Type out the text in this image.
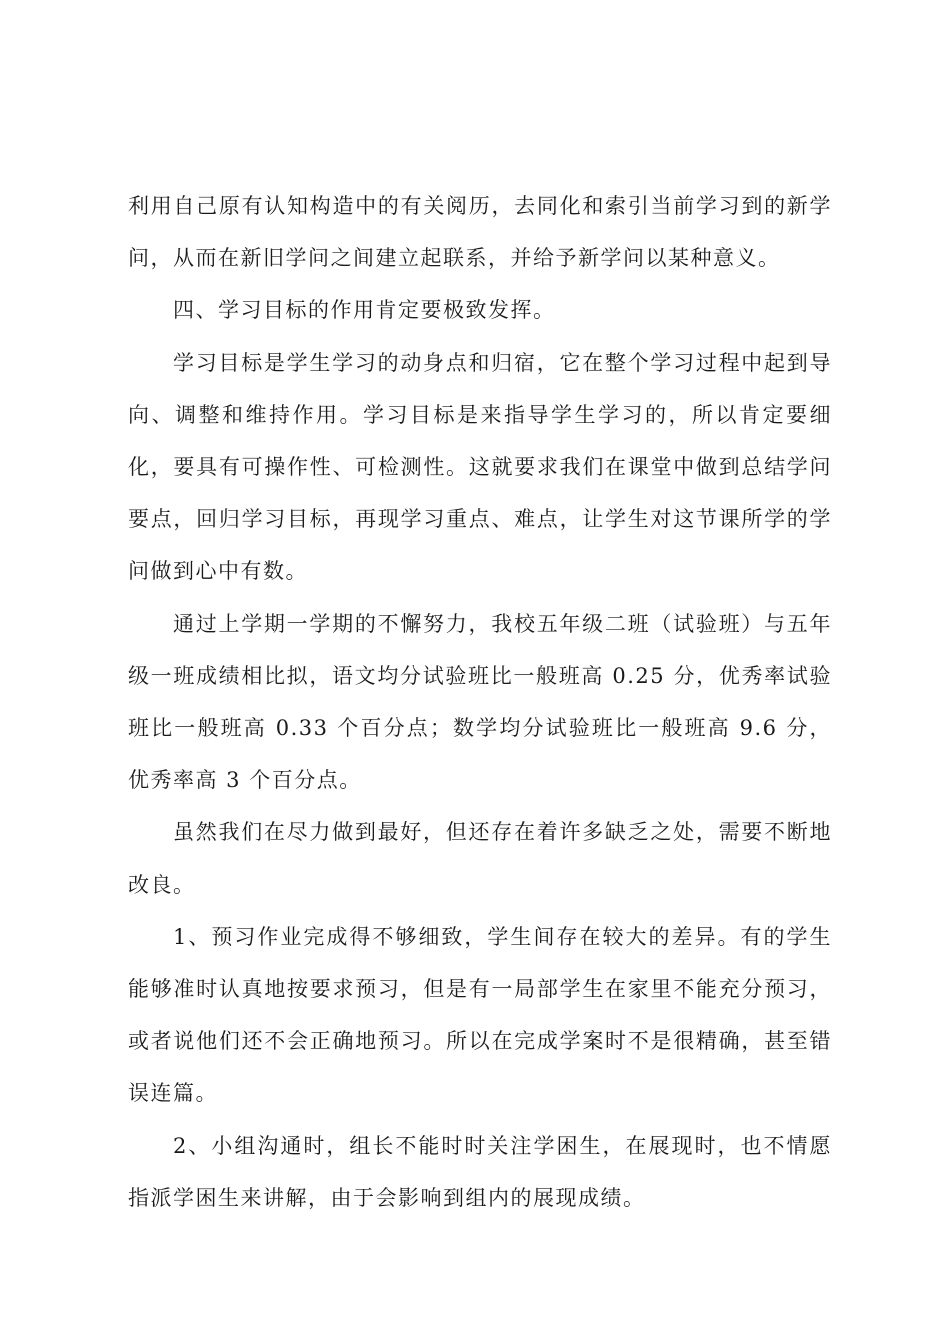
利用自己原有认知构造中的有关阅历，去同化和索引当前学习到的新学问，从而在新旧学问之间建立起联系，并给予新学问以某种意义。

四、学习目标的作用肯定要极致发挥。

学习目标是学生学习的动身点和归宿，它在整个学习过程中起到导向、调整和维持作用。学习目标是来指导学生学习的，所以肯定要细化，要具有可操作性、可检测性。这就要求我们在课堂中做到总结学问要点，回归学习目标，再现学习重点、难点，让学生对这节课所学的学问做到心中有数。

通过上学期一学期的不懈努力，我校五年级二班（试验班）与五年级一班成绩相比拟，语文均分试验班比一般班高 0.25 分，优秀率试验班比一般班高 0.33 个百分点；数学均分试验班比一般班高 9.6 分，优秀率高 3 个百分点。

虽然我们在尽力做到最好，但还存在着许多缺乏之处，需要不断地改良。

1、预习作业完成得不够细致，学生间存在较大的差异。有的学生能够准时认真地按要求预习，但是有一局部学生在家里不能充分预习，或者说他们还不会正确地预习。所以在完成学案时不是很精确，甚至错误连篇。

2、小组沟通时，组长不能时时关注学困生，在展现时，也不情愿指派学困生来讲解，由于会影响到组内的展现成绩。
